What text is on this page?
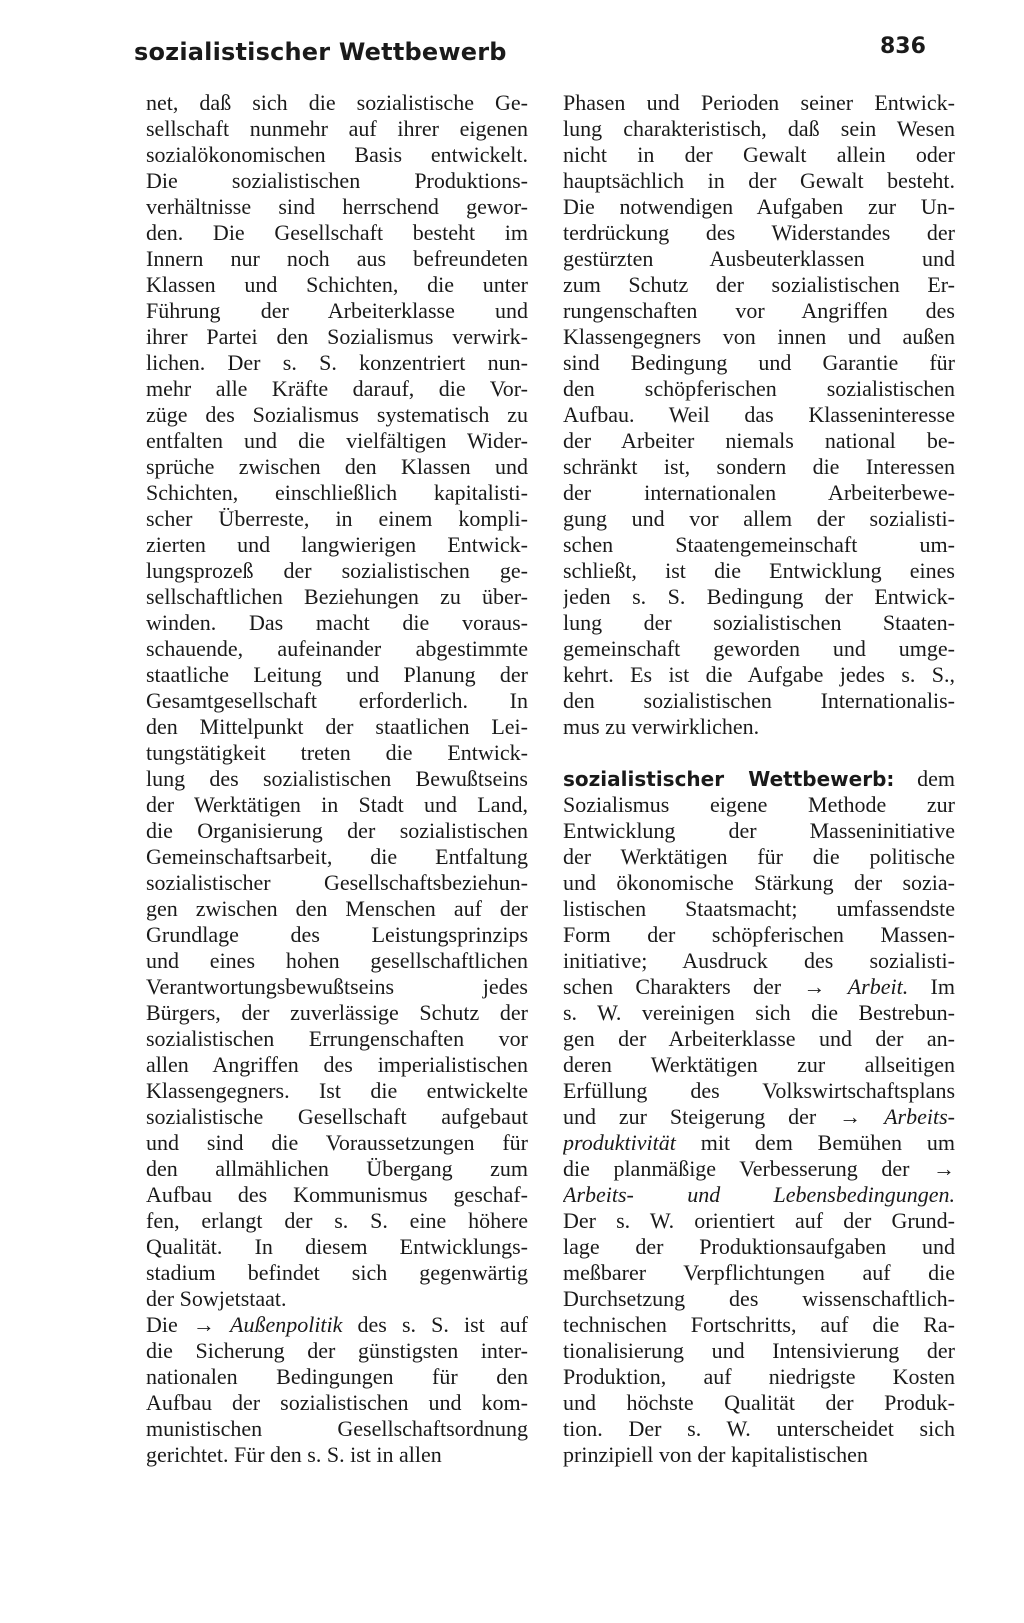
sozialistischer Wettbewerb	836
net, daß sich die sozialistische Ge-
sellschaft nunmehr auf ihrer eigenen
sozialökonomischen Basis entwickelt.
Die sozialistischen Produktions-
verhältnisse sind herrschend gewor-
den. Die Gesellschaft besteht im
Innern nur noch aus befreundeten
Klassen und Schichten, die unter
Führung der Arbeiterklasse und
ihrer Partei den Sozialismus verwirk-
lichen. Der s. S. konzentriert nun-
mehr alle Kräfte darauf, die Vor-
züge des Sozialismus systematisch zu
entfalten und die vielfältigen Wider-
sprüche zwischen den Klassen und
Schichten, einschließlich kapitalisti-
scher Überreste, in einem kompli-
zierten und langwierigen Entwick-
lungsprozeß der sozialistischen ge-
sellschaftlichen Beziehungen zu über-
winden. Das macht die voraus-
schauende, aufeinander abgestimmte
staatliche Leitung und Planung der
Gesamtgesellschaft erforderlich. In
den Mittelpunkt der staatlichen Lei-
tungstätigkeit treten die Entwick-
lung des sozialistischen Bewußtseins
der Werktätigen in Stadt und Land,
die Organisierung der sozialistischen
Gemeinschaftsarbeit, die Entfaltung
sozialistischer Gesellschaftsbeziehun-
gen zwischen den Menschen auf der
Grundlage des Leistungsprinzips
und eines hohen gesellschaftlichen
Verantwortungsbewußtseins jedes
Bürgers, der zuverlässige Schutz der
sozialistischen Errungenschaften vor
allen Angriffen des imperialistischen
Klassengegners. Ist die entwickelte
sozialistische Gesellschaft aufgebaut
und sind die Voraussetzungen für
den allmählichen Übergang zum
Aufbau des Kommunismus geschaf-
fen, erlangt der s. S. eine höhere
Qualität. In diesem Entwicklungs-
stadium befindet sich gegenwärtig
der Sowjetstaat.
Die → Außenpolitik des s. S. ist auf
die Sicherung der günstigsten inter-
nationalen Bedingungen für den
Aufbau der sozialistischen und kom-
munistischen Gesellschaftsordnung
gerichtet. Für den s. S. ist in allen
Phasen und Perioden seiner Entwick-
lung charakteristisch, daß sein Wesen
nicht in der Gewalt allein oder
hauptsächlich in der Gewalt besteht.
Die notwendigen Aufgaben zur Un-
terdrückung des Widerstandes der
gestürzten Ausbeuterklassen und
zum Schutz der sozialistischen Er-
rungenschaften vor Angriffen des
Klassengegners von innen und außen
sind Bedingung und Garantie für
den schöpferischen sozialistischen
Aufbau. Weil das Klasseninteresse
der Arbeiter niemals national be-
schränkt ist, sondern die Interessen
der internationalen Arbeiterbewe-
gung und vor allem der sozialisti-
schen Staatengemeinschaft um-
schließt, ist die Entwicklung eines
jeden s. S. Bedingung der Entwick-
lung der sozialistischen Staaten-
gemeinschaft geworden und umge-
kehrt. Es ist die Aufgabe jedes s. S.,
den sozialistischen Internationalis-
mus zu verwirklichen.
sozialistischer Wettbewerb: dem
Sozialismus eigene Methode zur
Entwicklung der Masseninitiative
der Werktätigen für die politische
und ökonomische Stärkung der sozia-
listischen Staatsmacht; umfassendste
Form der schöpferischen Massen-
initiative; Ausdruck des sozialisti-
schen Charakters der → Arbeit. Im
s. W. vereinigen sich die Bestrebun-
gen der Arbeiterklasse und der an-
deren Werktätigen zur allseitigen
Erfüllung des Volkswirtschaftsplans
und zur Steigerung der → Arbeits-
produktivität mit dem Bemühen um
die planmäßige Verbesserung der →
Arbeits- und Lebensbedingungen.
Der s. W. orientiert auf der Grund-
lage der Produktionsaufgaben und
meßbarer Verpflichtungen auf die
Durchsetzung des wissenschaftlich-
technischen Fortschritts, auf die Ra-
tionalisierung und Intensivierung der
Produktion, auf niedrigste Kosten
und höchste Qualität der Produk-
tion. Der s. W. unterscheidet sich
prinzipiell von der kapitalistischen
